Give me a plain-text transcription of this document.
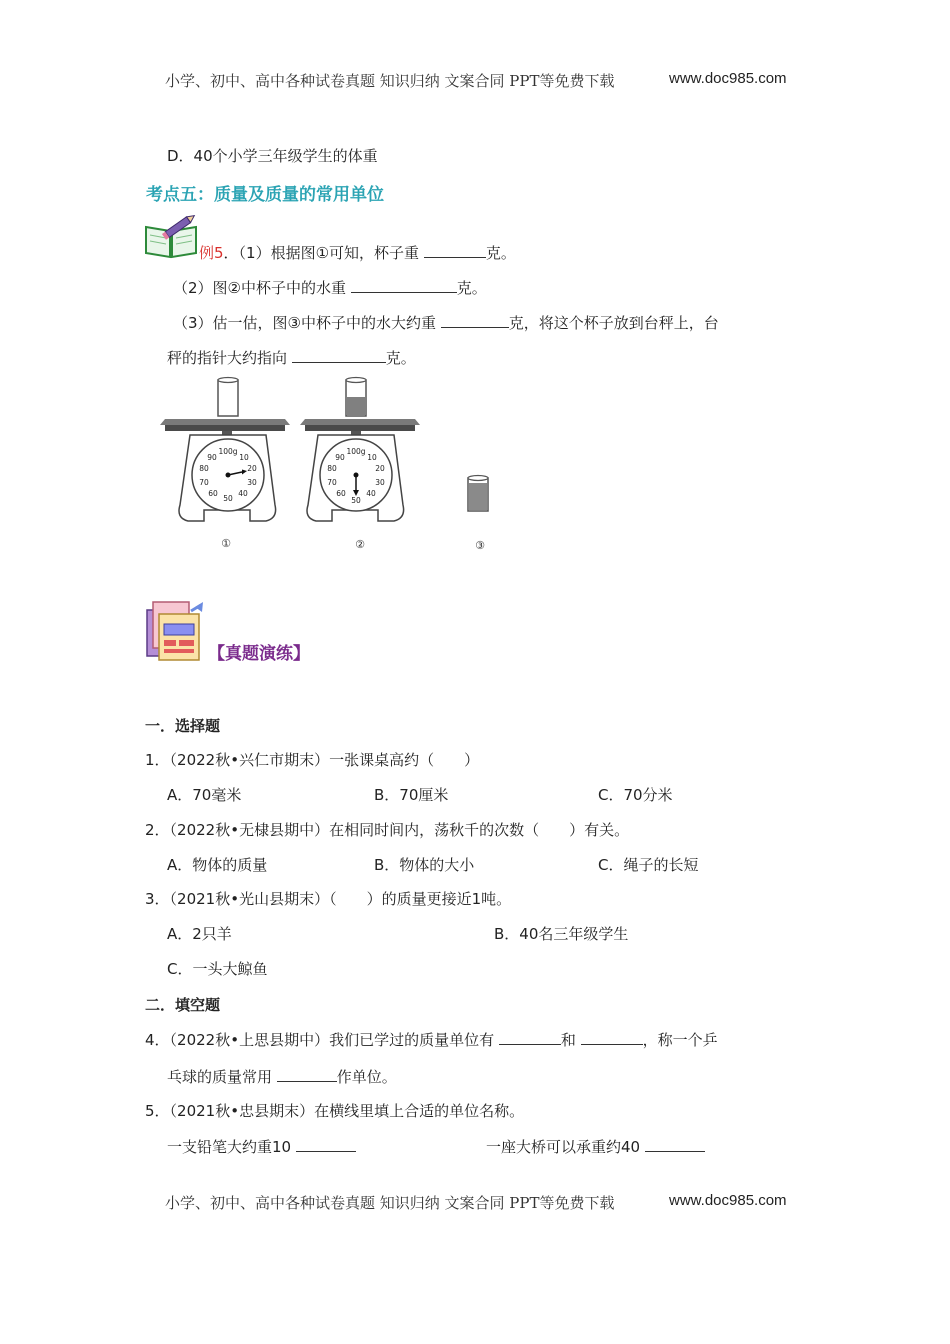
小学、初中、高中各种试卷真题 知识归纳 文案合同 PPT等免费下载	www.doc985.com
D．40个小学三年级学生的体重
考点五：质量及质量的常用单位
例5．（1）根据图①可知，杯子重	克。
（2）图②中杯子中的水重	克。
（3）估一估，图③中杯子中的水大约重	克，将这个杯子放到台秤上，台
秤的指针大约指向	克。
100g
10
20
30
40
50
60
70
80
90
100g
10
20
30
40
50
60
70
80
90
①	②	③
【真题演练】
一．选择题
1．（2022秋•兴仁市期末）一张课桌高约（　　）
A．70毫米	B．70厘米	C．70分米
2．（2022秋•无棣县期中）在相同时间内，荡秋千的次数（　　）有关。
A．物体的质量	B．物体的大小	C．绳子的长短
3．（2021秋•光山县期末）（　　）的质量更接近1吨。
A．2只羊	B．40名三年级学生
C．一头大鲸鱼
二．填空题
4．（2022秋•上思县期中）我们已学过的质量单位有	和	，称一个乒
乓球的质量常用	作单位。
5．（2021秋•忠县期末）在横线里填上合适的单位名称。
一支铅笔大约重10	一座大桥可以承重约40
小学、初中、高中各种试卷真题 知识归纳 文案合同 PPT等免费下载	www.doc985.com
